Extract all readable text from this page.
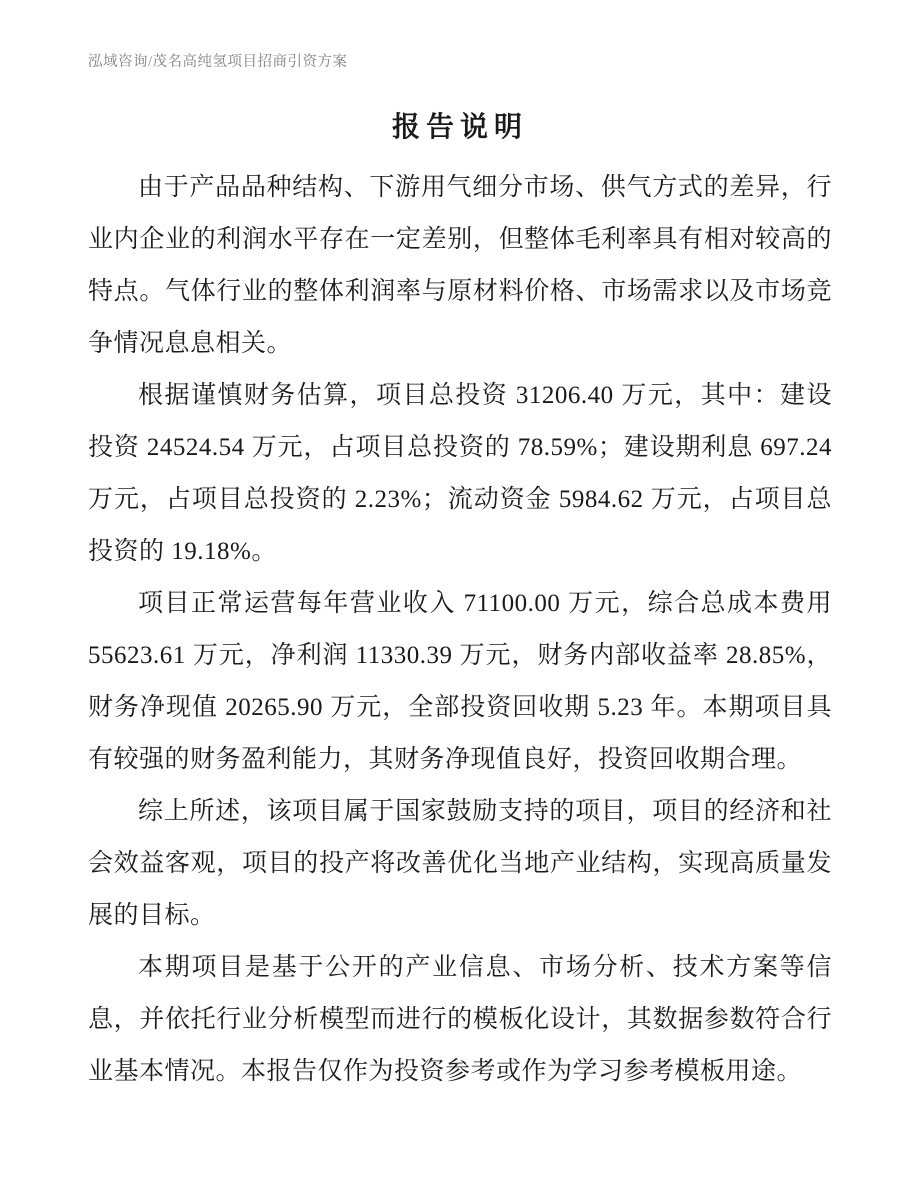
泓域咨询/茂名高纯氢项目招商引资方案
报告说明

由于产品品种结构、下游用气细分市场、供气方式的差异，行业内企业的利润水平存在一定差别，但整体毛利率具有相对较高的特点。气体行业的整体利润率与原材料价格、市场需求以及市场竞争情况息息相关。

根据谨慎财务估算，项目总投资 31206.40 万元，其中：建设投资 24524.54 万元，占项目总投资的 78.59%；建设期利息 697.24 万元，占项目总投资的 2.23%；流动资金 5984.62 万元，占项目总投资的 19.18%。

项目正常运营每年营业收入 71100.00 万元，综合总成本费用 55623.61 万元，净利润 11330.39 万元，财务内部收益率 28.85%，财务净现值 20265.90 万元，全部投资回收期 5.23 年。本期项目具有较强的财务盈利能力，其财务净现值良好，投资回收期合理。

综上所述，该项目属于国家鼓励支持的项目，项目的经济和社会效益客观，项目的投产将改善优化当地产业结构，实现高质量发展的目标。

本期项目是基于公开的产业信息、市场分析、技术方案等信息，并依托行业分析模型而进行的模板化设计，其数据参数符合行业基本情况。本报告仅作为投资参考或作为学习参考模板用途。
